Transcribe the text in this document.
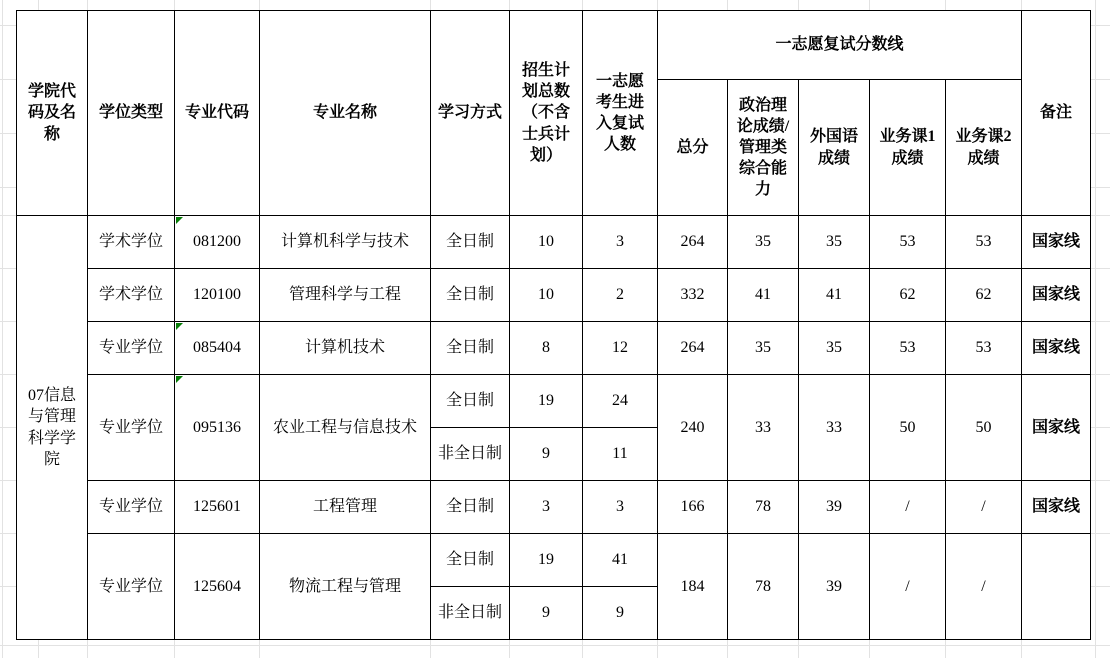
学院代码及名称	学位类型	专业代码	专业名称	学习方式	招生计划总数（不含士兵计划）	一志愿考生进入复试人数	一志愿复试分数线					备注
							总分	政治理论成绩/管理类综合能力	外国语成绩	业务课1成绩	业务课2成绩	
07信息与管理科学学院	学术学位	081200	计算机科学与技术	全日制	10	3	264	35	35	53	53	国家线
	学术学位	120100	管理科学与工程	全日制	10	2	332	41	41	62	62	国家线
	专业学位	085404	计算机技术	全日制	8	12	264	35	35	53	53	国家线
	专业学位	095136	农业工程与信息技术	全日制	19	24	240	33	33	50	50	国家线
				非全日制	9	11						
	专业学位	125601	工程管理	全日制	3	3	166	78	39	/	/	国家线
	专业学位	125604	物流工程与管理	全日制	19	41	184	78	39	/	/	
				非全日制	9	9						
